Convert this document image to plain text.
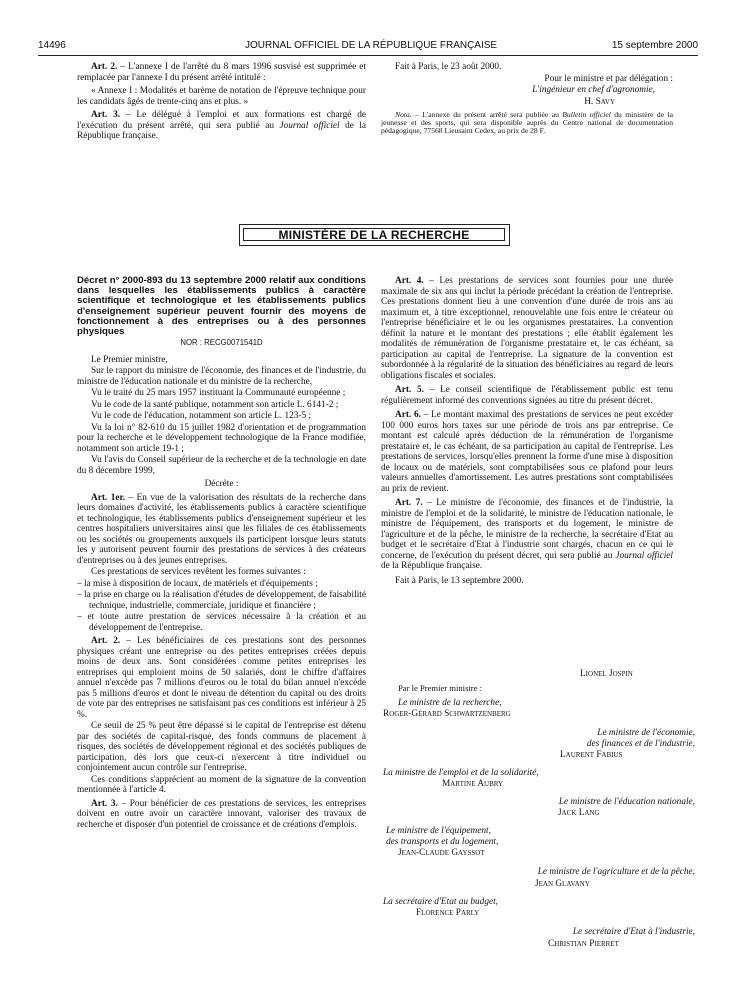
14496	JOURNAL OFFICIEL DE LA RÉPUBLIQUE FRANÇAISE	15 septembre 2000

Art. 2. – L'annexe I de l'arrêté du 8 mars 1996 susvisé est supprimée et remplacée par l'annexe I du présent arrêté intitulé :

« Annexe I : Modalités et barème de notation de l'épreuve technique pour les candidats âgés de trente-cinq ans et plus. »

Art. 3. – Le délégué à l'emploi et aux formations est chargé de l'exécution du présent arrêté, qui sera publié au Journal officiel de la République française.

Fait à Paris, le 23 août 2000.

Pour le ministre et par délégation :

L'ingénieur en chef d'agronomie,

H. Savy

Nota. – L'annexe du présent arrêté sera publiée au Bulletin officiel du ministère de la jeunesse et des sports, qui sera disponible auprès du Centre national de documentation pédagogique, 77568 Lieusaint Cedex, au prix de 28 F.

MINISTÈRE DE LA RECHERCHE

Décret n° 2000-893 du 13 septembre 2000 relatif aux conditions dans lesquelles les établissements publics à caractère scientifique et technologique et les établissements publics d'enseignement supérieur peuvent fournir des moyens de fonctionnement à des entreprises ou à des personnes physiques

NOR : RECG0071541D

Le Premier ministre,

Sur le rapport du ministre de l'économie, des finances et de l'industrie, du ministre de l'éducation nationale et du ministre de la recherche,

Vu le traité du 25 mars 1957 instituant la Communauté européenne ;

Vu le code de la santé publique, notamment son article L. 6141-2 ;

Vu le code de l'éducation, notamment son article L. 123-5 ;

Vu la loi n° 82-610 du 15 juillet 1982 d'orientation et de programmation pour la recherche et le développement technologique de la France modifiée, notamment son article 19-1 ;

Vu l'avis du Conseil supérieur de la recherche et de la technologie en date du 8 décembre 1999,

Décrète :

Art. 1er. – En vue de la valorisation des résultats de la recherche dans leurs domaines d'activité, les établissements publics à caractère scientifique et technologique, les établissements publics d'enseignement supérieur et les centres hospitaliers universitaires ainsi que les filiales de ces établissements ou les sociétés ou groupements auxquels ils participent lorsque leurs statuts les y autorisent peuvent fournir des prestations de services à des créateurs d'entreprises ou à des jeunes entreprises.

Ces prestations de services revêtent les formes suivantes :

– la mise à disposition de locaux, de matériels et d'équipements ;

– la prise en charge ou la réalisation d'études de développement, de faisabilité technique, industrielle, commerciale, juridique et financière ;

– et toute autre prestation de services nécessaire à la création et au développement de l'entreprise.

Art. 2. – Les bénéficiaires de ces prestations sont des personnes physiques créant une entreprise ou des petites entreprises créées depuis moins de deux ans. Sont considérées comme petites entreprises les entreprises qui emploient moins de 50 salariés, dont le chiffre d'affaires annuel n'excède pas 7 millions d'euros ou le total du bilan annuel n'excède pas 5 millions d'euros et dont le niveau de détention du capital ou des droits de vote par des entreprises ne satisfaisant pas ces conditions est inférieur à 25 %.

Ce seuil de 25 % peut être dépassé si le capital de l'entreprise est détenu par des sociétés de capital-risque, des fonds communs de placement à risques, des sociétés de développement régional et des sociétés publiques de participation, dès lors que ceux-ci n'exercent à titre individuel ou conjointement aucun contrôle sur l'entreprise.

Ces conditions s'apprécient au moment de la signature de la convention mentionnée à l'article 4.

Art. 3. – Pour bénéficier de ces prestations de services, les entreprises doivent en outre avoir un caractère innovant, valoriser des travaux de recherche et disposer d'un potentiel de croissance et de créations d'emplois.

Art. 4. – Les prestations de services sont fournies pour une durée maximale de six ans qui inclut la période précédant la création de l'entreprise. Ces prestations donnent lieu à une convention d'une durée de trois ans au maximum et, à titre exceptionnel, renouvelable une fois entre le créateur ou l'entreprise bénéficiaire et le ou les organismes prestataires. La convention définit la nature et le montant des prestations ; elle établit également les modalités de rémunération de l'organisme prestataire et, le cas échéant, sa participation au capital de l'entreprise. La signature de la convention est subordonnée à la régularité de la situation des bénéficiaires au regard de leurs obligations fiscales et sociales.

Art. 5. – Le conseil scientifique de l'établissement public est tenu régulièrement informé des conventions signées au titre du présent décret.

Art. 6. – Le montant maximal des prestations de services ne peut excéder 100 000 euros hors taxes sur une période de trois ans par entreprise. Ce montant est calculé après déduction de la rémunération de l'organisme prestataire et, le cas échéant, de sa participation au capital de l'entreprise. Les prestations de services, lorsqu'elles prennent la forme d'une mise à disposition de locaux ou de matériels, sont comptabilisées sous ce plafond pour leurs valeurs annuelles d'amortissement. Les autres prestations sont comptabilisées au prix de revient.

Art. 7. – Le ministre de l'économie, des finances et de l'industrie, la ministre de l'emploi et de la solidarité, le ministre de l'éducation nationale, le ministre de l'équipement, des transports et du logement, le ministre de l'agriculture et de la pêche, le ministre de la recherche, la secrétaire d'Etat au budget et le secrétaire d'Etat à l'industrie sont chargés, chacun en ce qui le concerne, de l'exécution du présent décret, qui sera publié au Journal officiel de la République française.

Fait à Paris, le 13 septembre 2000.

Lionel Jospin
Par le Premier ministre :
Le ministre de la recherche,
Roger-Gérard Schwartzenberg
Le ministre de l'économie,
des finances et de l'industrie,
Laurent Fabius
La ministre de l'emploi et de la solidarité,
Martine Aubry
Le ministre de l'éducation nationale,
Jack Lang
Le ministre de l'équipement,
des transports et du logement,
Jean-Claude Gayssot
Le ministre de l'agriculture et de la pêche,
Jean Glavany
La secrétaire d'Etat au budget,
Florence Parly
Le secrétaire d'Etat à l'industrie,
Christian Pierret
